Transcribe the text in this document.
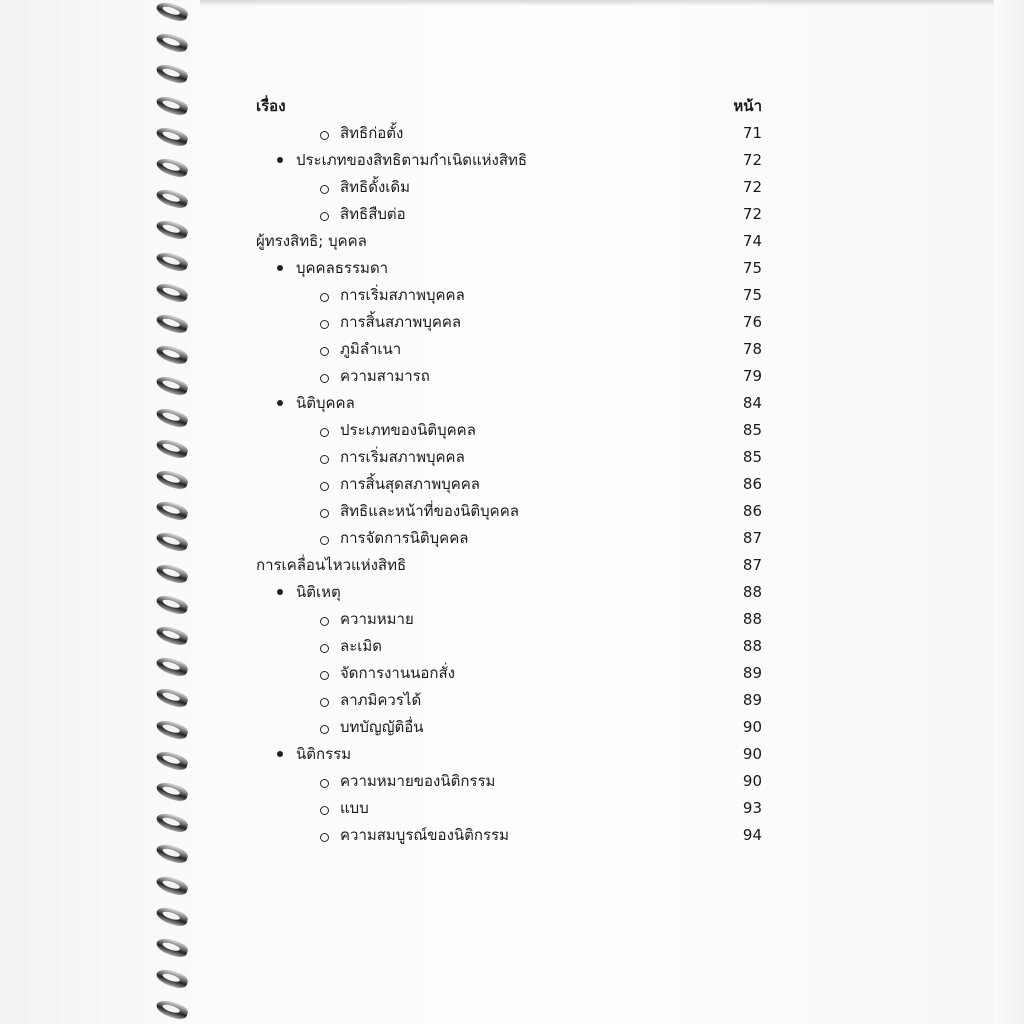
เรื่อง	หน้า
สิทธิก่อตั้ง	71
ประเภทของสิทธิตามกำเนิดแห่งสิทธิ	72
สิทธิดั้งเดิม	72
สิทธิสืบต่อ	72
ผู้ทรงสิทธิ; บุคคล	74
บุคคลธรรมดา	75
การเริ่มสภาพบุคคล	75
การสิ้นสภาพบุคคล	76
ภูมิลำเนา	78
ความสามารถ	79
นิติบุคคล	84
ประเภทของนิติบุคคล	85
การเริ่มสภาพบุคคล	85
การสิ้นสุดสภาพบุคคล	86
สิทธิและหน้าที่ของนิติบุคคล	86
การจัดการนิติบุคคล	87
การเคลื่อนไหวแห่งสิทธิ	87
นิติเหตุ	88
ความหมาย	88
ละเมิด	88
จัดการงานนอกสั่ง	89
ลาภมิควรได้	89
บทบัญญัติอื่น	90
นิติกรรม	90
ความหมายของนิติกรรม	90
แบบ	93
ความสมบูรณ์ของนิติกรรม	94
